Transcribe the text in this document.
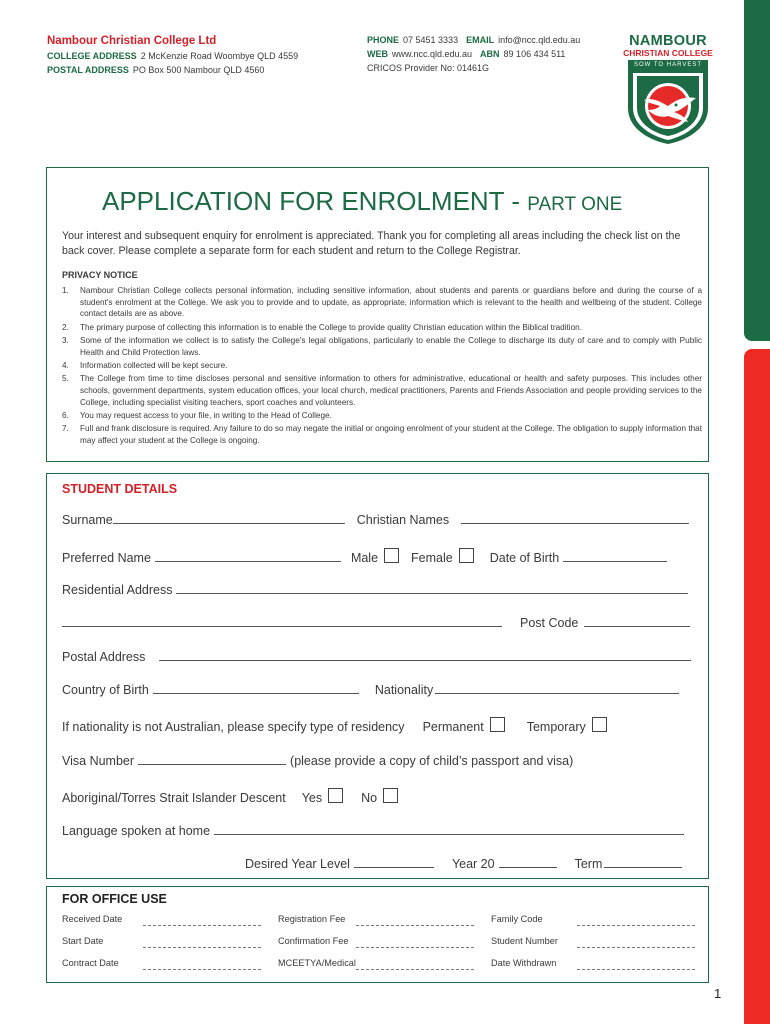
Nambour Christian College Ltd
COLLEGE ADDRESS 2 McKenzie Road Woombye QLD 4559
POSTAL ADDRESS PO Box 500 Nambour QLD 4560
PHONE 07 5451 3333 EMAIL info@ncc.qld.edu.au
WEB www.ncc.qld.edu.au ABN 89 106 434 511
CRICOS Provider No: 01461G
NAMBOUR
CHRISTIAN COLLEGE
SOW TO HARVEST
APPLICATION FOR ENROLMENT - PART ONE
Your interest and subsequent enquiry for enrolment is appreciated. Thank you for completing all areas including the check list on the back cover. Please complete a separate form for each student and return to the College Registrar.
PRIVACY NOTICE
1.	Nambour Christian College collects personal information, including sensitive information, about students and parents or guardians before and during the course of a student's enrolment at the College. We ask you to provide and to update, as appropriate, information which is relevant to the health and wellbeing of the student. College contact details are as above.
2.	The primary purpose of collecting this information is to enable the College to provide quality Christian education within the Biblical tradition.
3.	Some of the information we collect is to satisfy the College's legal obligations, particularly to enable the College to discharge its duty of care and to comply with Public Health and Child Protection laws.
4.	Information collected will be kept secure.
5.	The College from time to time discloses personal and sensitive information to others for administrative, educational or health and safety purposes. This includes other schools, government departments, system education offices, your local church, medical practitioners, Parents and Friends Association and people providing services to the College, including specialist visiting teachers, sport coaches and volunteers.
6.	You may request access to your file, in writing to the Head of College.
7.	Full and frank disclosure is required. Any failure to do so may negate the initial or ongoing enrolment of your student at the College. The obligation to supply information that may affect your student at the College is ongoing.
STUDENT DETAILS
Surname	Christian Names
Preferred Name	Male	Female	Date of Birth
Residential Address
Post Code
Postal Address
Country of Birth	Nationality
If nationality is not Australian, please specify type of residency Permanent	Temporary
Visa Number	(please provide a copy of child’s passport and visa)
Aboriginal/Torres Strait Islander Descent Yes	No
Language spoken at home
Desired Year Level	Year 20	Term
FOR OFFICE USE
Received Date	Registration Fee	Family Code
Start Date	Confirmation Fee	Student Number
Contract Date	MCEETYA/Medical	Date Withdrawn
1
